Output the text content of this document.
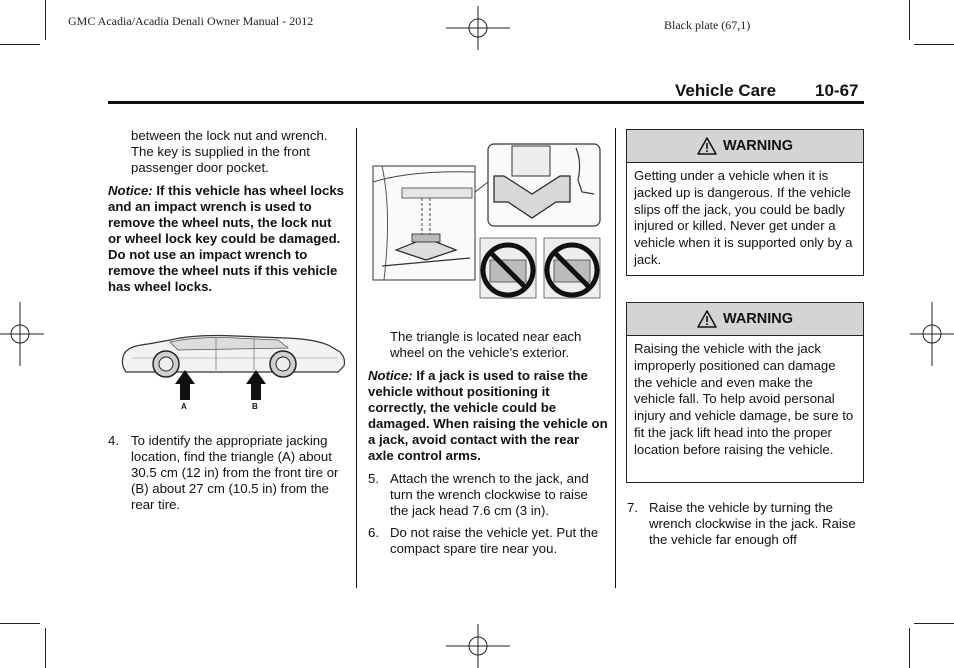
GMC Acadia/Acadia Denali Owner Manual - 2012	Black plate (67,1)
Vehicle Care 10-67
between the lock nut and wrench. The key is supplied in the front passenger door pocket.
Notice: If this vehicle has wheel locks and an impact wrench is used to remove the wheel nuts, the lock nut or wheel lock key could be damaged. Do not use an impact wrench to remove the wheel nuts if this vehicle has wheel locks.
A	B
4. To identify the appropriate jacking location, find the triangle (A) about 30.5 cm (12 in) from the front tire or (B) about 27 cm (10.5 in) from the rear tire.
The triangle is located near each wheel on the vehicle's exterior.
Notice: If a jack is used to raise the vehicle without positioning it correctly, the vehicle could be damaged. When raising the vehicle on a jack, avoid contact with the rear axle control arms.
5. Attach the wrench to the jack, and turn the wrench clockwise to raise the jack head 7.6 cm (3 in).
6. Do not raise the vehicle yet. Put the compact spare tire near you.
WARNING
Getting under a vehicle when it is jacked up is dangerous. If the vehicle slips off the jack, you could be badly injured or killed. Never get under a vehicle when it is supported only by a jack.
WARNING
Raising the vehicle with the jack improperly positioned can damage the vehicle and even make the vehicle fall. To help avoid personal injury and vehicle damage, be sure to fit the jack lift head into the proper location before raising the vehicle.
7. Raise the vehicle by turning the wrench clockwise in the jack. Raise the vehicle far enough off
